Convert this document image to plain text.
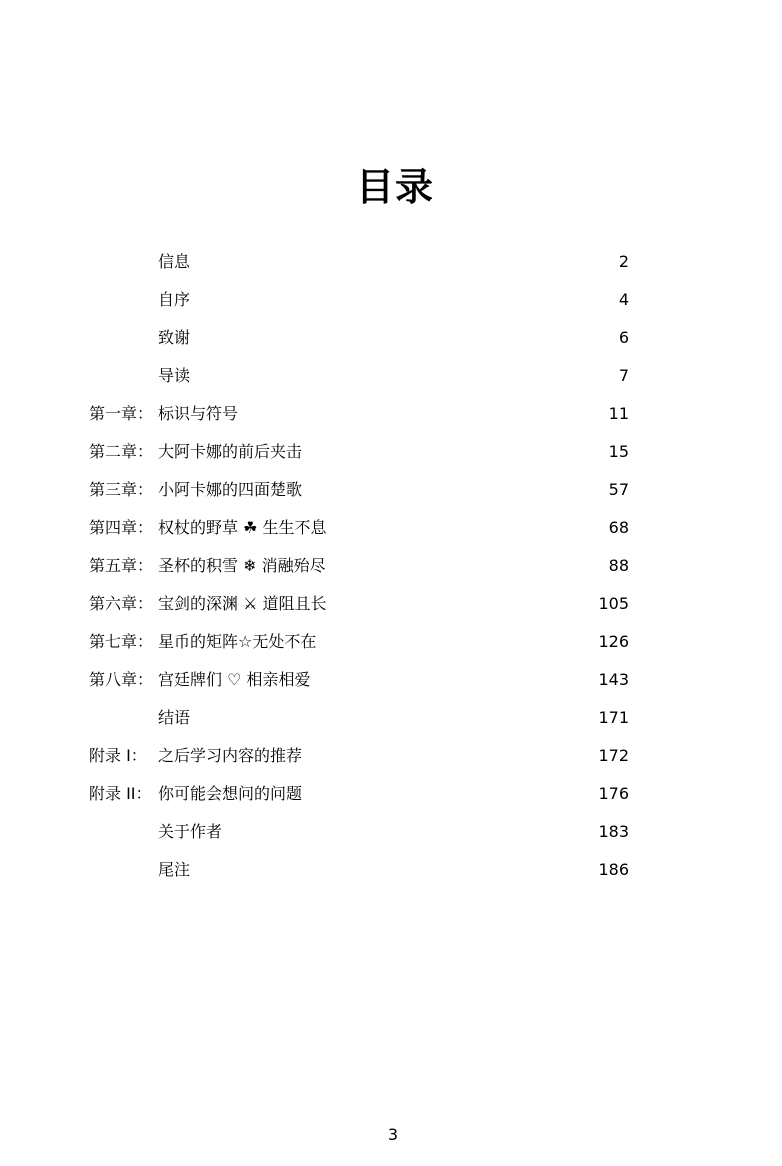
目录
信息	2
自序	4
致谢	6
导读	7
第一章： 标识与符号	11
第二章： 大阿卡娜的前后夹击	15
第三章： 小阿卡娜的四面楚歌	57
第四章： 权杖的野草 ☘ 生生不息	68
第五章： 圣杯的积雪 ❄ 消融殆尽	88
第六章： 宝剑的深渊 ⚔ 道阻且长	105
第七章： 星币的矩阵☆无处不在	126
第八章： 宫廷牌们 ♡ 相亲相爱	143
结语	171
附录 I： 之后学习内容的推荐	172
附录 II： 你可能会想问的问题	176
关于作者	183
尾注	186
3
